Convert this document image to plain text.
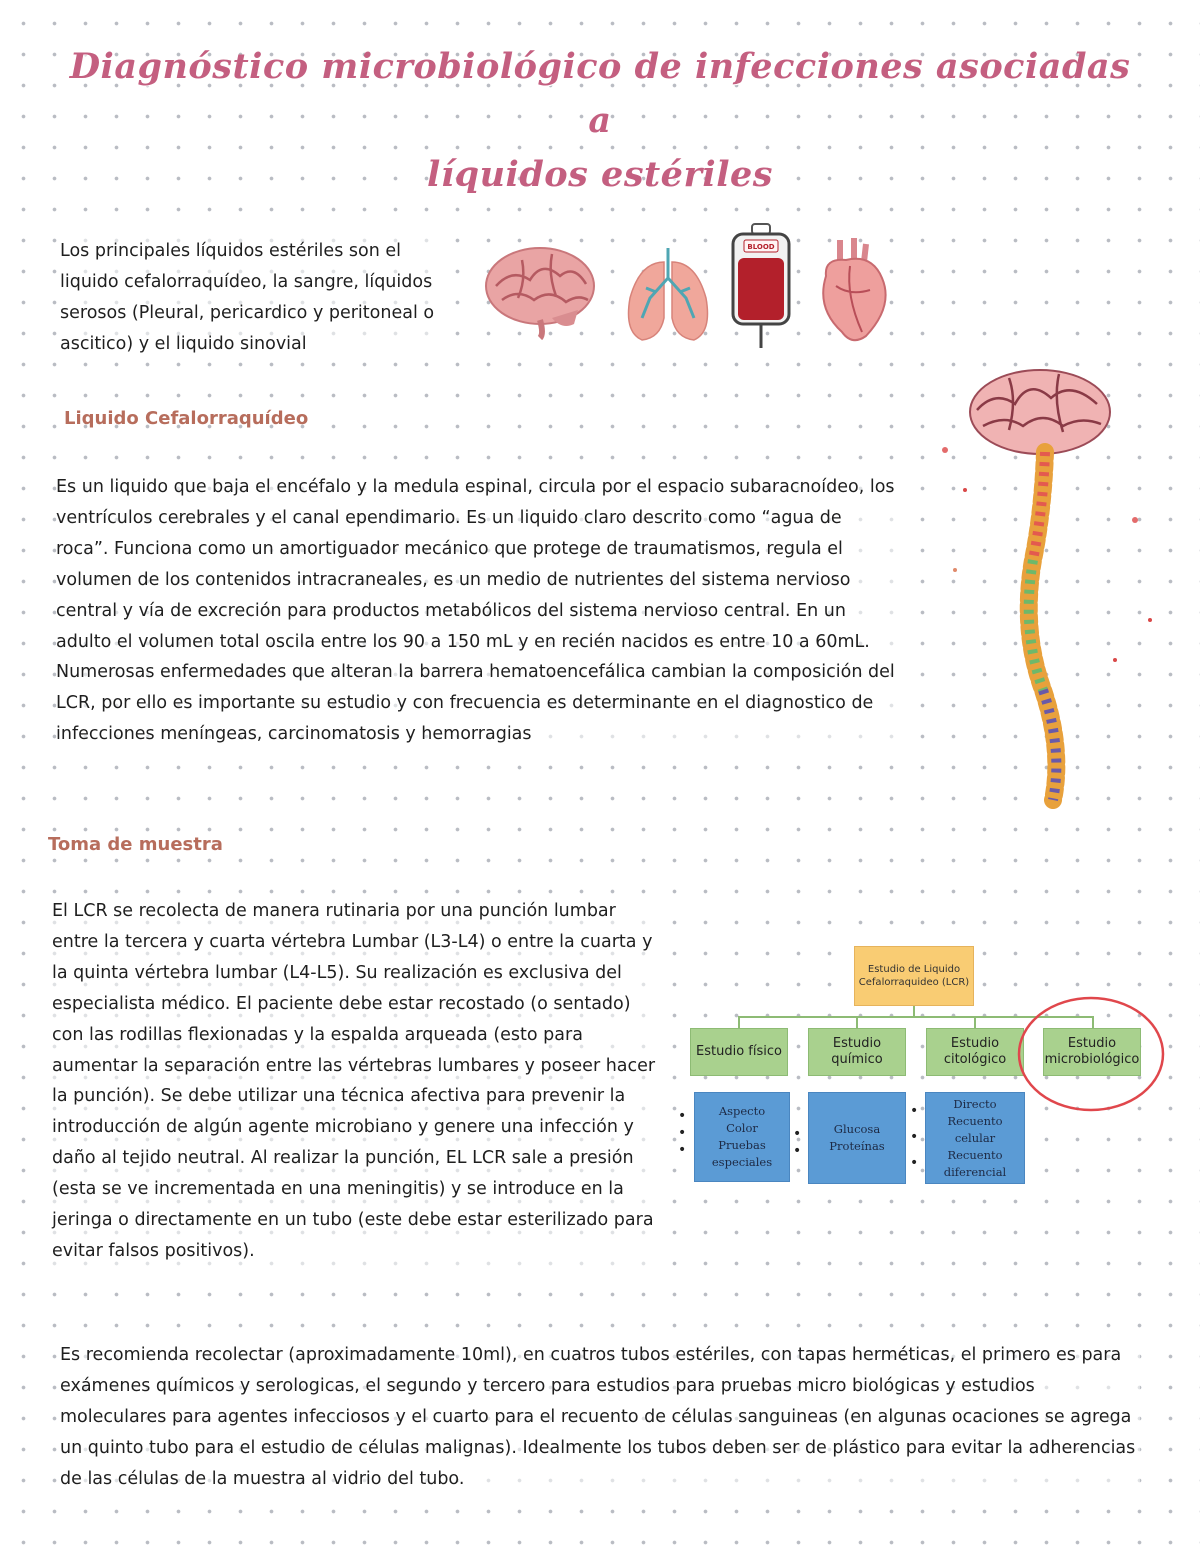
Diagnóstico microbiológico de infecciones asociadas a
líquidos estériles

Los principales líquidos estériles son el liquido cefalorraquídeo, la sangre, líquidos serosos (Pleural, pericardico y peritoneal o ascitico) y el liquido sinovial

BLOOD
Liquido Cefalorraquídeo

Es un liquido que baja el encéfalo y la medula espinal, circula por el espacio subaracnoídeo, los ventrículos cerebrales y el canal ependimario. Es un liquido claro descrito como “agua de roca”. Funciona como un amortiguador mecánico que protege de traumatismos, regula el volumen de los contenidos intracraneales, es un medio de nutrientes del sistema nervioso central y vía de excreción para productos metabólicos del sistema nervioso central. En un adulto el volumen total oscila entre los 90 a 150 mL y en recién nacidos es entre 10 a 60mL.

Numerosas enfermedades que alteran la barrera hematoencefálica cambian la composición del LCR, por ello es importante su estudio y con frecuencia es determinante en el diagnostico de infecciones meníngeas, carcinomatosis y hemorragias

Toma de muestra

El LCR se recolecta de manera rutinaria por una punción lumbar entre la tercera y cuarta vértebra Lumbar (L3-L4) o entre la cuarta y la quinta vértebra lumbar (L4-L5). Su realización es exclusiva del especialista médico. El paciente debe estar recostado (o sentado) con las rodillas flexionadas y la espalda arqueada (esto para aumentar la separación entre las vértebras lumbares y poseer hacer la punción). Se debe utilizar una técnica afectiva para prevenir la introducción de algún agente microbiano y genere una infección y daño al tejido neutral. Al realizar la punción, EL LCR sale a presión (esta se ve incrementada en una meningitis) y se introduce en la jeringa o directamente en un tubo (este debe estar esterilizado para evitar falsos positivos).

Estudio de Liquido Cefalorraquideo (LCR)
Estudio físico
Estudio químico
Estudio citológico
Estudio microbiológico
Aspecto
Color
Pruebas especiales
•
•
•
Glucosa
Proteínas
•
•
Directo
Recuento celular
Recuento diferencial
•
•
•

Es recomienda recolectar (aproximadamente 10ml), en cuatros tubos estériles, con tapas herméticas, el primero es para exámenes químicos y serologicas, el segundo y tercero para estudios para pruebas micro biológicas y estudios moleculares para agentes infecciosos y el cuarto para el recuento de células sanguineas (en algunas ocaciones se agrega un quinto tubo para el estudio de células malignas). Idealmente los tubos deben ser de plástico para evitar la adherencias de las células de la muestra al vidrio del tubo.
